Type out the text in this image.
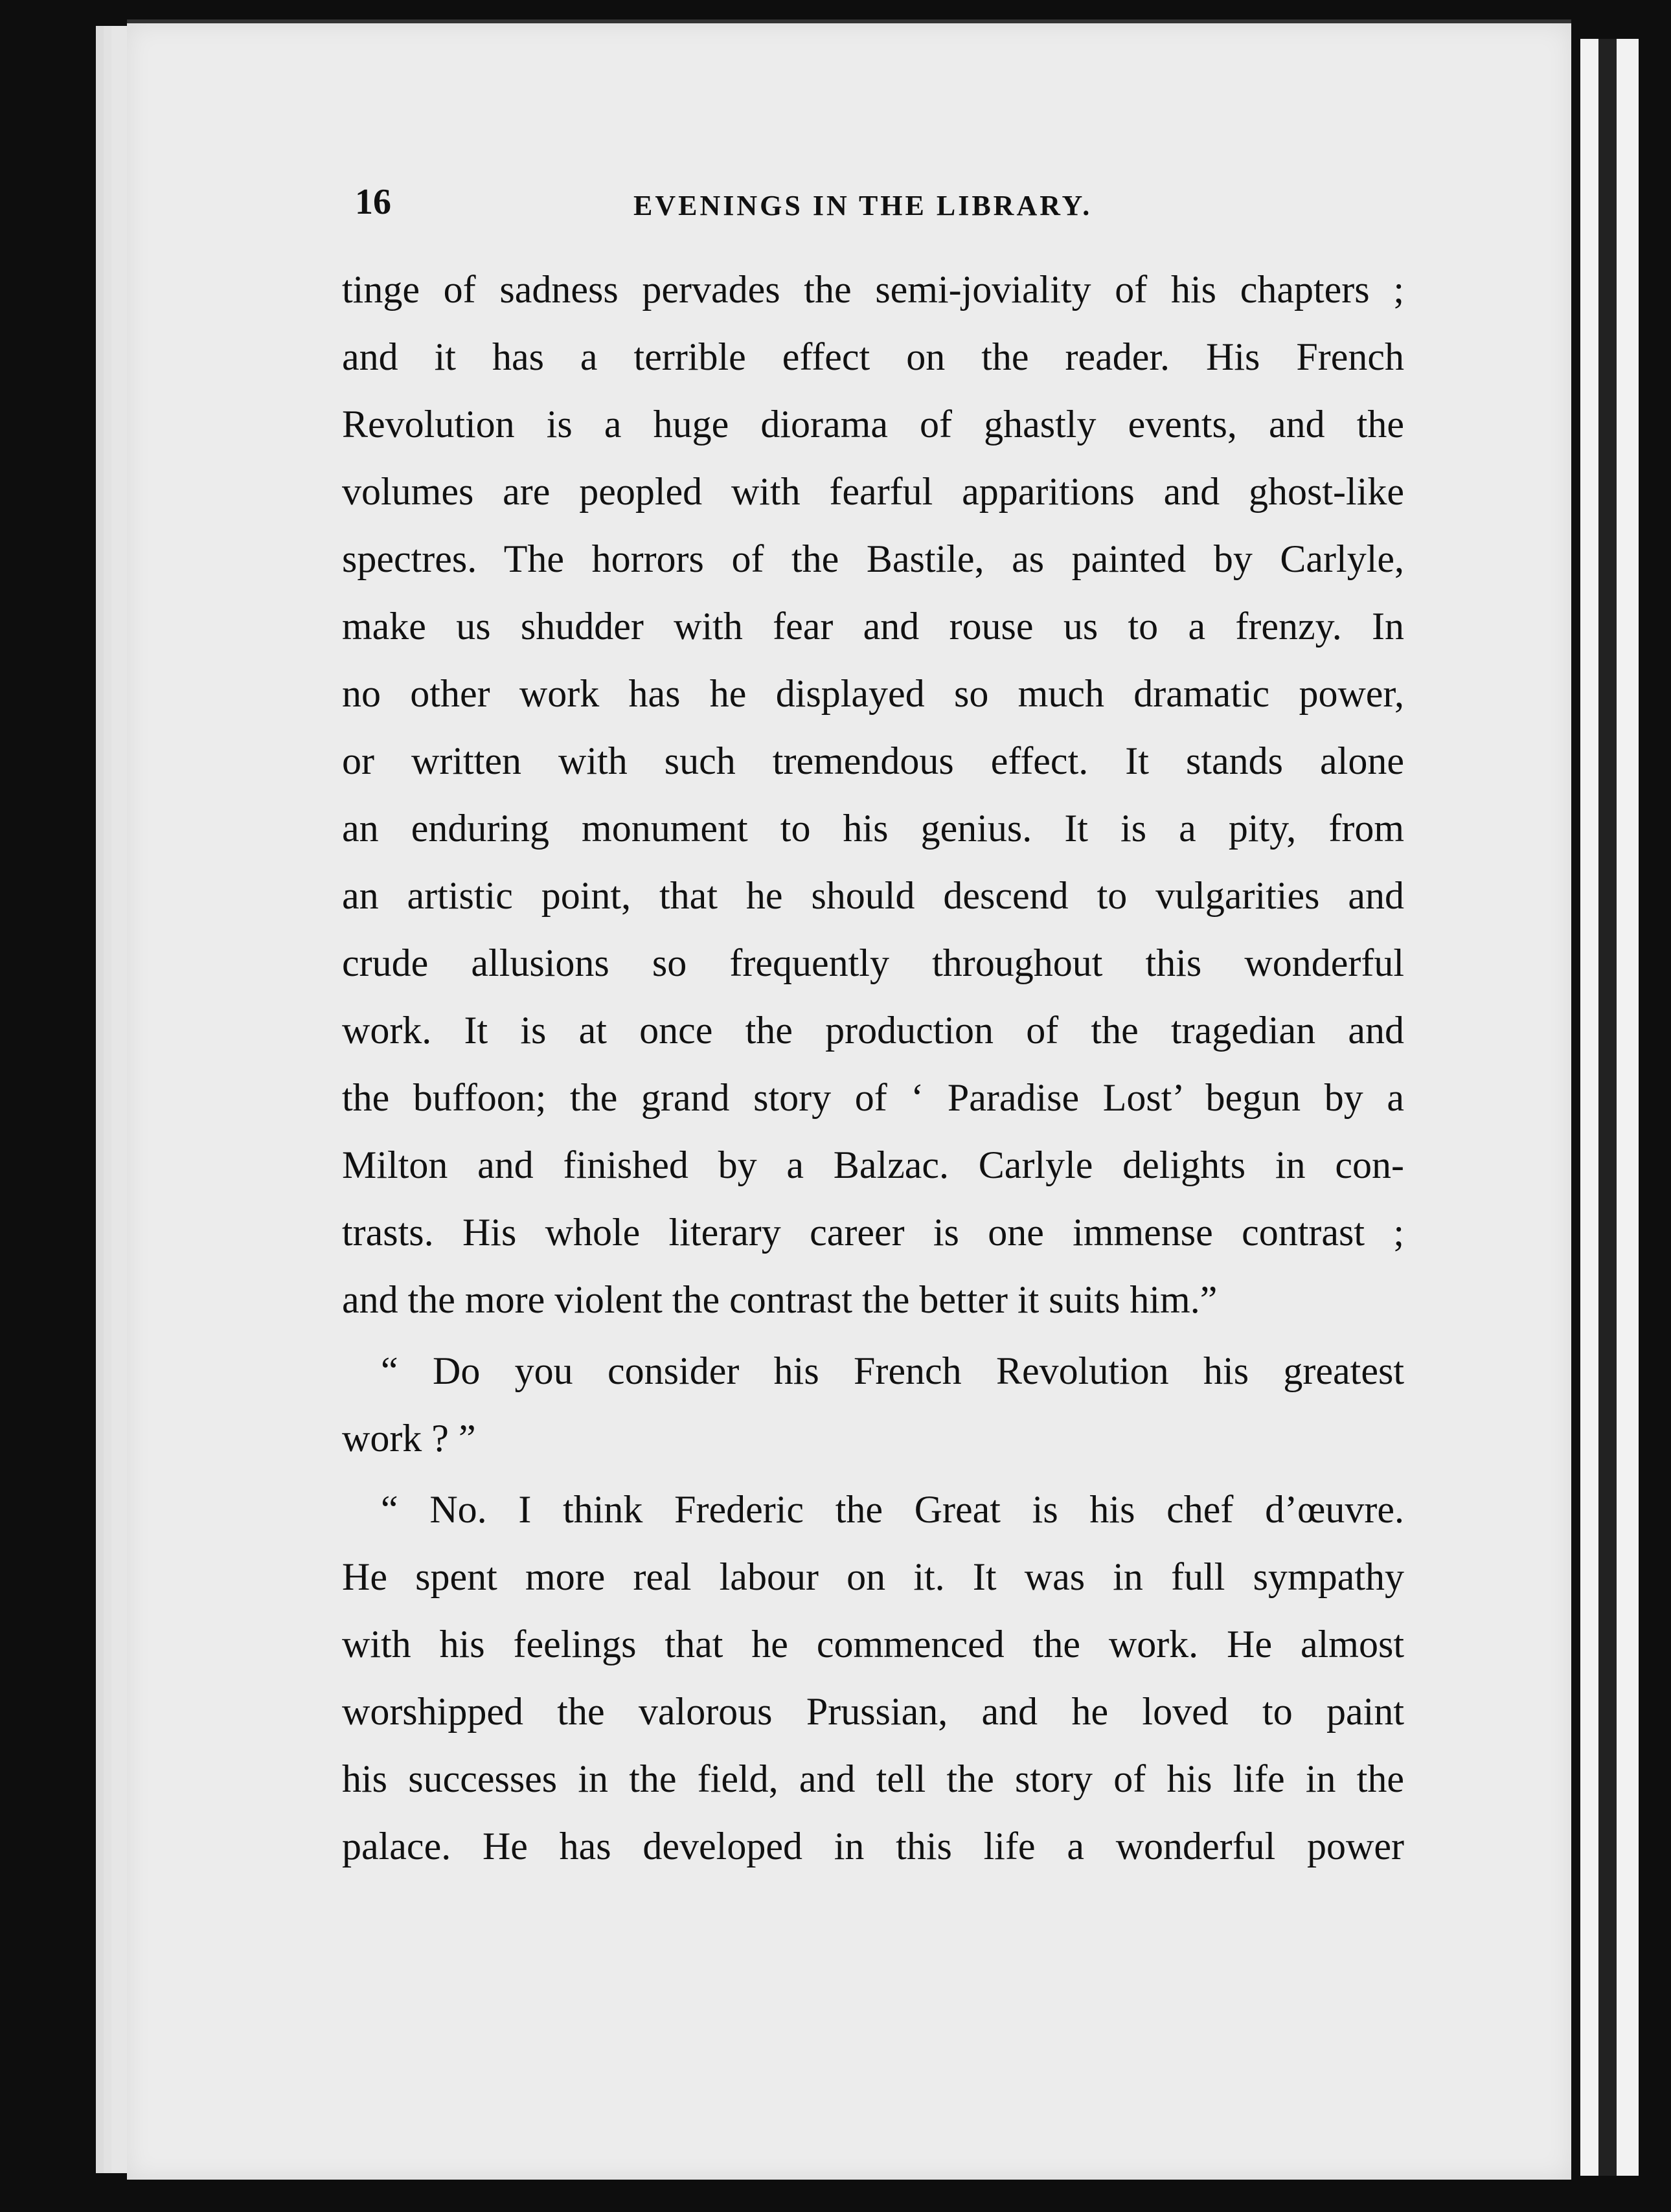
16	EVENINGS IN THE LIBRARY.
tinge of sadness pervades the semi-joviality of his chapters ;
and it has a terrible effect on the reader. His French
Revolution is a huge diorama of ghastly events, and the
volumes are peopled with fearful apparitions and ghost-like
spectres. The horrors of the Bastile, as painted by Carlyle,
make us shudder with fear and rouse us to a frenzy. In
no other work has he displayed so much dramatic power,
or written with such tremendous effect. It stands alone
an enduring monument to his genius. It is a pity, from
an artistic point, that he should descend to vulgarities and
crude allusions so frequently throughout this wonderful
work. It is at once the production of the tragedian and
the buffoon; the grand story of ‘ Paradise Lost’ begun by a
Milton and finished by a Balzac. Carlyle delights in con-
trasts. His whole literary career is one immense contrast ;
and the more violent the contrast the better it suits him.”
“ Do you consider his French Revolution his greatest
work ? ”
“ No. I think Frederic the Great is his chef d’œuvre.
He spent more real labour on it. It was in full sympathy
with his feelings that he commenced the work. He almost
worshipped the valorous Prussian, and he loved to paint
his successes in the field, and tell the story of his life in the
palace. He has developed in this life a wonderful power
